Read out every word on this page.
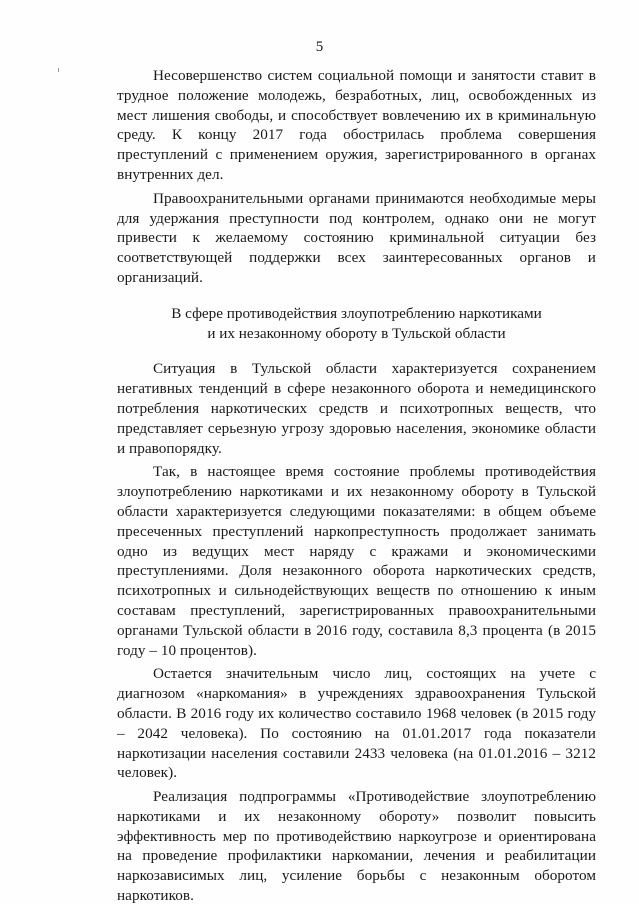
5

Несовершенство систем социальной помощи и занятости ставит в трудное положение молодежь, безработных, лиц, освобожденных из мест лишения свободы, и способствует вовлечению их в криминальную среду. К концу 2017 года обострилась проблема совершения преступлений с применением оружия, зарегистрированного в органах внутренних дел.

Правоохранительными органами принимаются необходимые меры для удержания преступности под контролем, однако они не могут привести к желаемому состоянию криминальной ситуации без соответствующей поддержки всех заинтересованных органов и организаций.

В сфере противодействия злоупотреблению наркотиками
и их незаконному обороту в Тульской области

Ситуация в Тульской области характеризуется сохранением негативных тенденций в сфере незаконного оборота и немедицинского потребления наркотических средств и психотропных веществ, что представляет серьезную угрозу здоровью населения, экономике области и правопорядку.

Так, в настоящее время состояние проблемы противодействия злоупотреблению наркотиками и их незаконному обороту в Тульской области характеризуется следующими показателями: в общем объеме пресеченных преступлений наркопреступность продолжает занимать одно из ведущих мест наряду с кражами и экономическими преступлениями. Доля незаконного оборота наркотических средств, психотропных и сильнодействующих веществ по отношению к иным составам преступлений, зарегистрированных правоохранительными органами Тульской области в 2016 году, составила 8,3 процента (в 2015 году – 10 процентов).

Остается значительным число лиц, состоящих на учете с диагнозом «наркомания» в учреждениях здравоохранения Тульской области. В 2016 году их количество составило 1968 человек (в 2015 году – 2042 человека). По состоянию на 01.01.2017 года показатели наркотизации населения составили 2433 человека (на 01.01.2016 – 3212 человек).

Реализация подпрограммы «Противодействие злоупотреблению наркотиками и их незаконному обороту» позволит повысить эффективность мер по противодействию наркоугрозе и ориентирована на проведение профилактики наркомании, лечения и реабилитации наркозависимых лиц, усиление борьбы с незаконным оборотом наркотиков.
